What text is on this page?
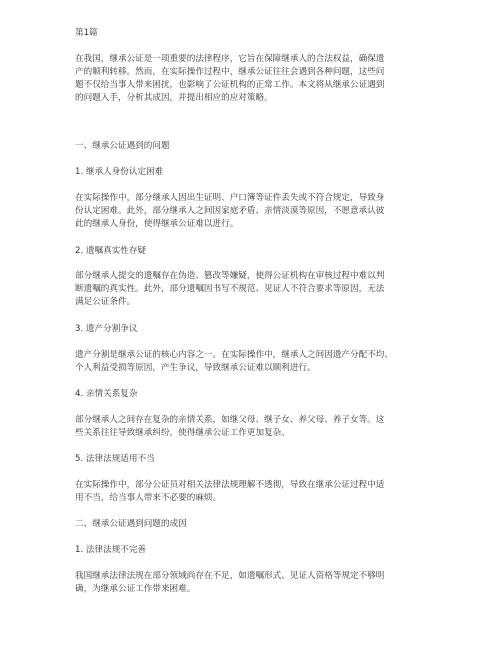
第1篇

在我国，继承公证是一项重要的法律程序，它旨在保障继承人的合法权益，确保遗
产的顺利转移。然而，在实际操作过程中，继承公证往往会遇到各种问题，这些问
题不仅给当事人带来困扰，也影响了公证机构的正常工作。本文将从继承公证遇到
的问题入手，分析其成因，并提出相应的应对策略。

一、继承公证遇到的问题

1. 继承人身份认定困难

在实际操作中，部分继承人因出生证明、户口簿等证件丢失或不符合规定，导致身
份认定困难。此外，部分继承人之间因家庭矛盾、亲情淡漠等原因，不愿意承认彼
此的继承人身份，使得继承公证难以进行。

2. 遗嘱真实性存疑

部分继承人提交的遗嘱存在伪造、篡改等嫌疑，使得公证机构在审核过程中难以判
断遗嘱的真实性。此外，部分遗嘱因书写不规范、见证人不符合要求等原因，无法
满足公证条件。

3. 遗产分割争议

遗产分割是继承公证的核心内容之一。在实际操作中，继承人之间因遗产分配不均、
个人利益受损等原因，产生争议，导致继承公证难以顺利进行。

4. 亲情关系复杂

部分继承人之间存在复杂的亲情关系，如继父母、继子女、养父母、养子女等。这
些关系往往导致继承纠纷，使得继承公证工作更加复杂。

5. 法律法规适用不当

在实际操作中，部分公证员对相关法律法规理解不透彻，导致在继承公证过程中适
用不当，给当事人带来不必要的麻烦。

二、继承公证遇到问题的成因

1. 法律法规不完善

我国继承法律法规在部分领域尚存在不足，如遗嘱形式、见证人资格等规定不够明
确，为继承公证工作带来困难。
